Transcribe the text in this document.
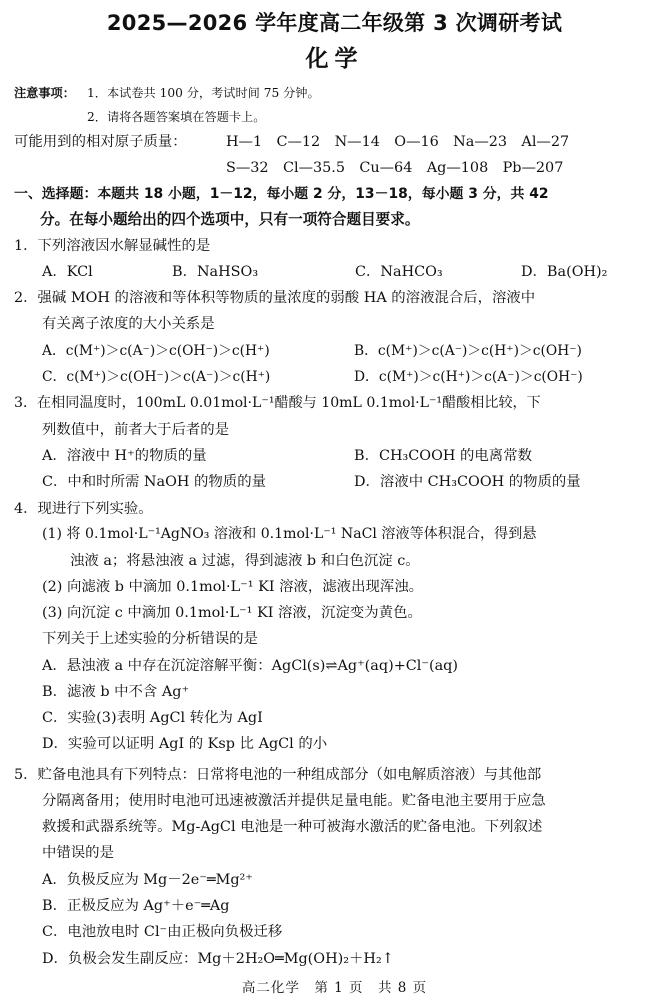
2025—2026 学年度高二年级第 3 次调研考试
化学
注意事项： 1．本试卷共 100 分，考试时间 75 分钟。
2．请将各题答案填在答题卡上。
可能用到的相对原子质量：	H—1　C—12　N—14　O—16　Na—23　Al—27
S—32　Cl—35.5　Cu—64　Ag—108　Pb—207
一、选择题：本题共 18 小题，1－12，每小题 2 分，13－18，每小题 3 分，共 42
分。在每小题给出的四个选项中，只有一项符合题目要求。
1．下列溶液因水解显碱性的是
A．KCl	B．NaHSO₃	C．NaHCO₃	D．Ba(OH)₂
2．强碱 MOH 的溶液和等体积等物质的量浓度的弱酸 HA 的溶液混合后，溶液中
有关离子浓度的大小关系是
A．c(M⁺)＞c(A⁻)＞c(OH⁻)＞c(H⁺)	B．c(M⁺)＞c(A⁻)＞c(H⁺)＞c(OH⁻)
C．c(M⁺)＞c(OH⁻)＞c(A⁻)＞c(H⁺)	D．c(M⁺)＞c(H⁺)＞c(A⁻)＞c(OH⁻)
3．在相同温度时，100mL 0.01mol·L⁻¹醋酸与 10mL 0.1mol·L⁻¹醋酸相比较，下
列数值中，前者大于后者的是
A．溶液中 H⁺的物质的量	B．CH₃COOH 的电离常数
C．中和时所需 NaOH 的物质的量	D．溶液中 CH₃COOH 的物质的量
4．现进行下列实验。
(1) 将 0.1mol·L⁻¹AgNO₃ 溶液和 0.1mol·L⁻¹ NaCl 溶液等体积混合，得到悬
浊液 a；将悬浊液 a 过滤，得到滤液 b 和白色沉淀 c。
(2) 向滤液 b 中滴加 0.1mol·L⁻¹ KI 溶液，滤液出现浑浊。
(3) 向沉淀 c 中滴加 0.1mol·L⁻¹ KI 溶液，沉淀变为黄色。
下列关于上述实验的分析错误的是
A．悬浊液 a 中存在沉淀溶解平衡：AgCl(s)⇌Ag⁺(aq)+Cl⁻(aq)
B．滤液 b 中不含 Ag⁺
C．实验(3)表明 AgCl 转化为 AgI
D．实验可以证明 AgI 的 Ksp 比 AgCl 的小
5．贮备电池具有下列特点：日常将电池的一种组成部分（如电解质溶液）与其他部
分隔离备用；使用时电池可迅速被激活并提供足量电能。贮备电池主要用于应急
救援和武器系统等。Mg-AgCl 电池是一种可被海水激活的贮备电池。下列叙述
中错误的是
A．负极反应为 Mg－2e⁻═Mg²⁺
B．正极反应为 Ag⁺＋e⁻═Ag
C．电池放电时 Cl⁻由正极向负极迁移
D．负极会发生副反应：Mg＋2H₂O═Mg(OH)₂＋H₂↑
高二化学　第 1 页　共 8 页
